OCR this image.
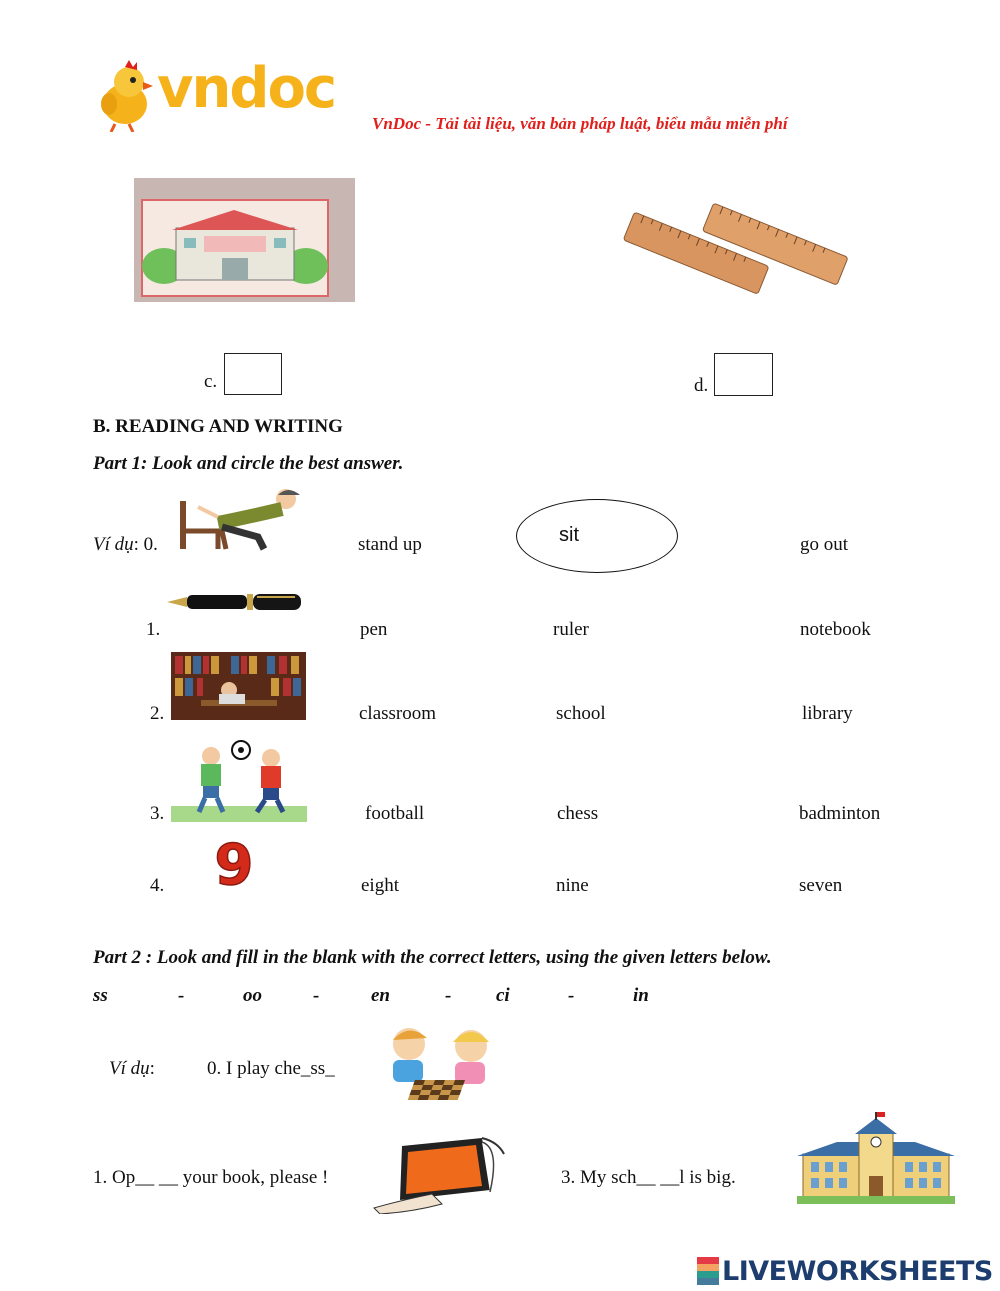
vndoc
VnDoc - Tải tài liệu, văn bản pháp luật, biểu mẫu miễn phí
c.	d.
B. READING AND WRITING
Part 1: Look and circle the best answer.
Ví dụ: 0.	stand up	sit	go out
1.	pen	ruler	notebook
2.	classroom	school	library
3.	football	chess	badminton
4. 9	eight	nine	seven
Part 2 : Look and fill in the blank with the correct letters, using the given letters below.
ss	-	oo	-	en	- ci	-	in
Ví dụ:	0. I play che_ss_
1. Op__ __ your book, please !	3. My sch__ __l is big.
LIVEWORKSHEETS
